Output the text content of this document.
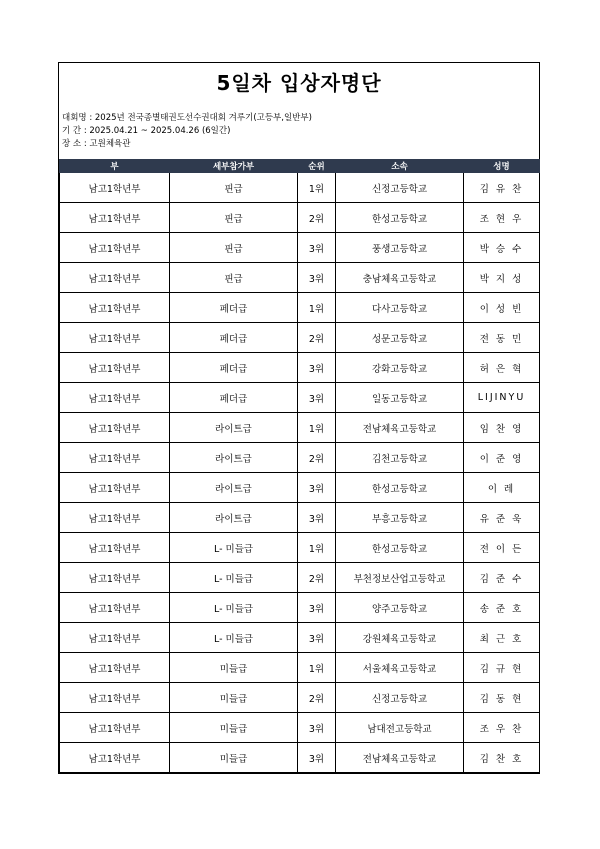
5일차 입상자명단
대회명 : 2025년 전국종별태권도선수권대회 겨루기(고등부,일반부)
기 간 : 2025.04.21 ~ 2025.04.26 (6일간)
장 소 : 고원체육관
부	세부참가부	순위	소속	성명
남고1학년부	핀급	1위	신정고등학교	김 유 찬
남고1학년부	핀급	2위	한성고등학교	조 현 우
남고1학년부	핀급	3위	풍생고등학교	박 승 수
남고1학년부	핀급	3위	충남체육고등학교	박 지 성
남고1학년부	페더급	1위	다사고등학교	이 성 빈
남고1학년부	페더급	2위	성문고등학교	전 동 민
남고1학년부	페더급	3위	강화고등학교	허 은 혁
남고1학년부	페더급	3위	일동고등학교	LIJINYU
남고1학년부	라이트급	1위	전남체육고등학교	임 찬 영
남고1학년부	라이트급	2위	김천고등학교	이 준 영
남고1학년부	라이트급	3위	한성고등학교	이 레
남고1학년부	라이트급	3위	부흥고등학교	유 준 욱
남고1학년부	L- 미들급	1위	한성고등학교	전 이 든
남고1학년부	L- 미들급	2위	부천정보산업고등학교	김 준 수
남고1학년부	L- 미들급	3위	양주고등학교	송 준 호
남고1학년부	L- 미들급	3위	강원체육고등학교	최 근 호
남고1학년부	미들급	1위	서울체육고등학교	김 규 현
남고1학년부	미들급	2위	신정고등학교	김 동 현
남고1학년부	미들급	3위	남대전고등학교	조 우 찬
남고1학년부	미들급	3위	전남체육고등학교	김 찬 호
